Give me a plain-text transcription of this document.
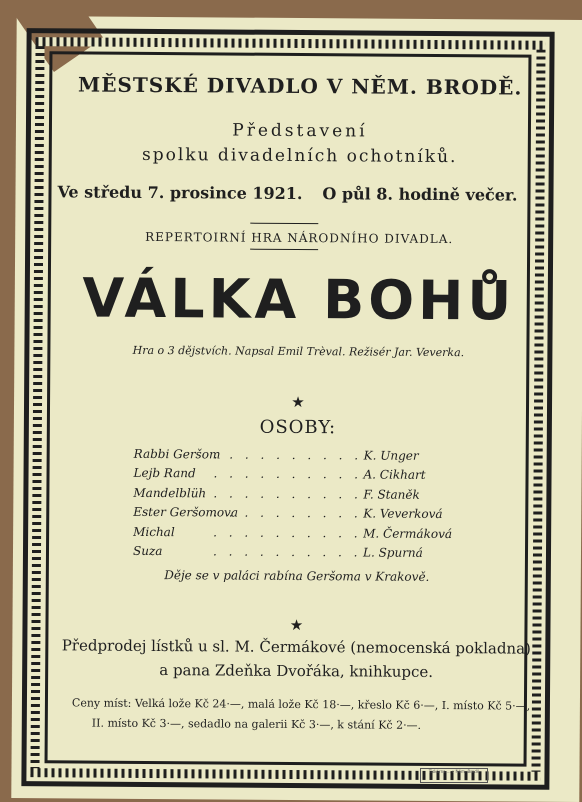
MĚSTSKÉ DIVADLO V NĚM. BRODĚ.
Představení
spolku divadelních ochotníků.
Ve středu 7. prosince 1921. O půl 8. hodině večer.
REPERTOIRNÍ HRA NÁRODNÍHO DIVADLA.
VÁLKA BOHŮ
Hra o 3 dějstvích. Napsal Emil Trèval. Režisér Jar. Veverka.
★
OSOBY:
Rabbi Geršom
. . . . . . . . . . K. Unger
Lejb Rand . . . . . . . . . . A. Cikhart
Mandelblüh . . . . . . . . . . F. Staněk
Ester Geršomova
. . . . . . . . . . K. Veverková
Michal	. . . . . . . . . . M. Čermáková
Suza	. . . . . . . . . . L. Spurná
Děje se v paláci rabína Geršoma v Krakově.
★
Předprodej lístků u sl. M. Čermákové (nemocenská pokladna)
a pana Zdeňka Dvořáka, knihkupce.
Ceny míst: Velká lože Kč 24·—, malá lože Kč 18·—, křeslo Kč 6·—, I. místo Kč 5·—,
II. místo Kč 3·—, sedadlo na galerii Kč 3·—, k stání Kč 2·—.
Tiskárna ... v Něm. Brodě
